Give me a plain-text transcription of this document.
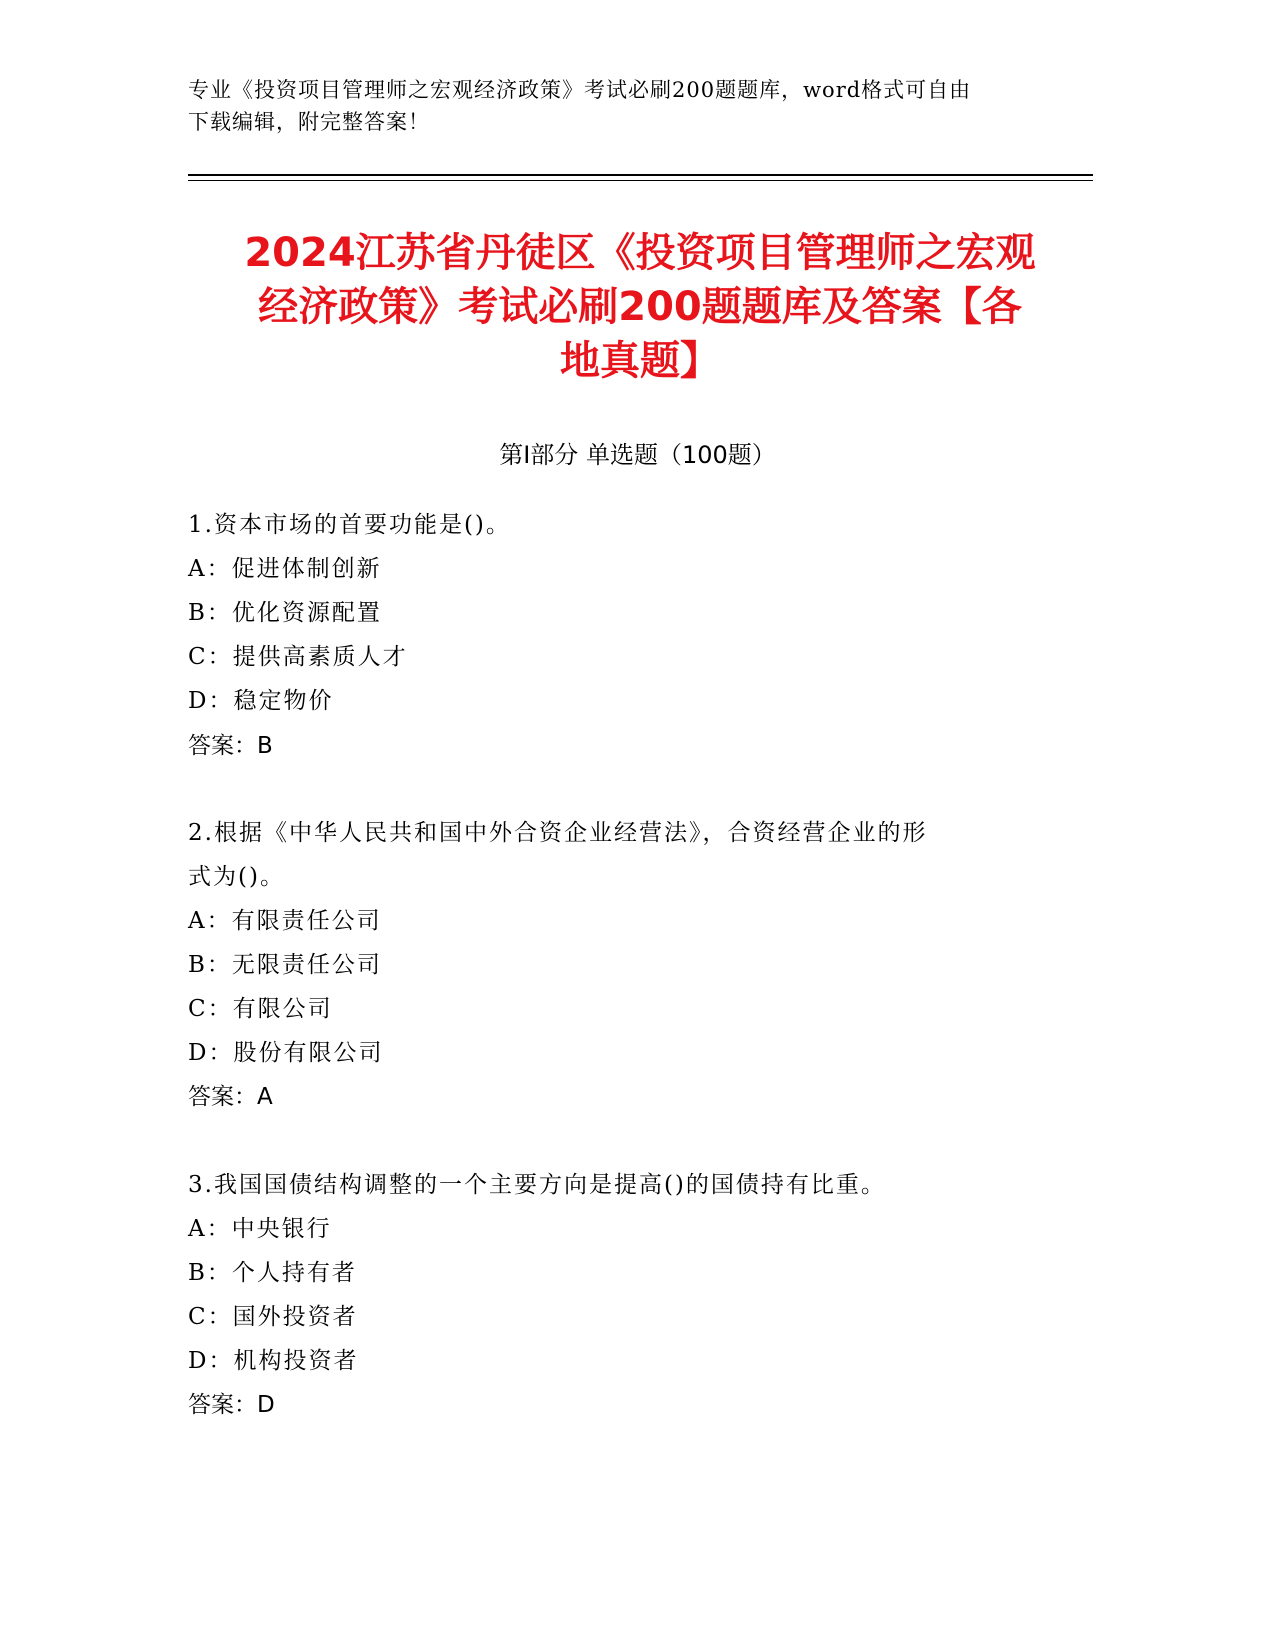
专业《投资项目管理师之宏观经济政策》考试必刷200题题库，word格式可自由
下载编辑，附完整答案！
2024江苏省丹徒区《投资项目管理师之宏观
经济政策》考试必刷200题题库及答案【各
地真题】
第Ⅰ部分 单选题（100题）
1.资本市场的首要功能是()。
A：促进体制创新
B：优化资源配置
C：提供高素质人才
D：稳定物价
答案：B
2.根据《中华人民共和国中外合资企业经营法》，合资经营企业的形
式为()。
A：有限责任公司
B：无限责任公司
C：有限公司
D：股份有限公司
答案：A
3.我国国债结构调整的一个主要方向是提高()的国债持有比重。
A：中央银行
B：个人持有者
C：国外投资者
D：机构投资者
答案：D
